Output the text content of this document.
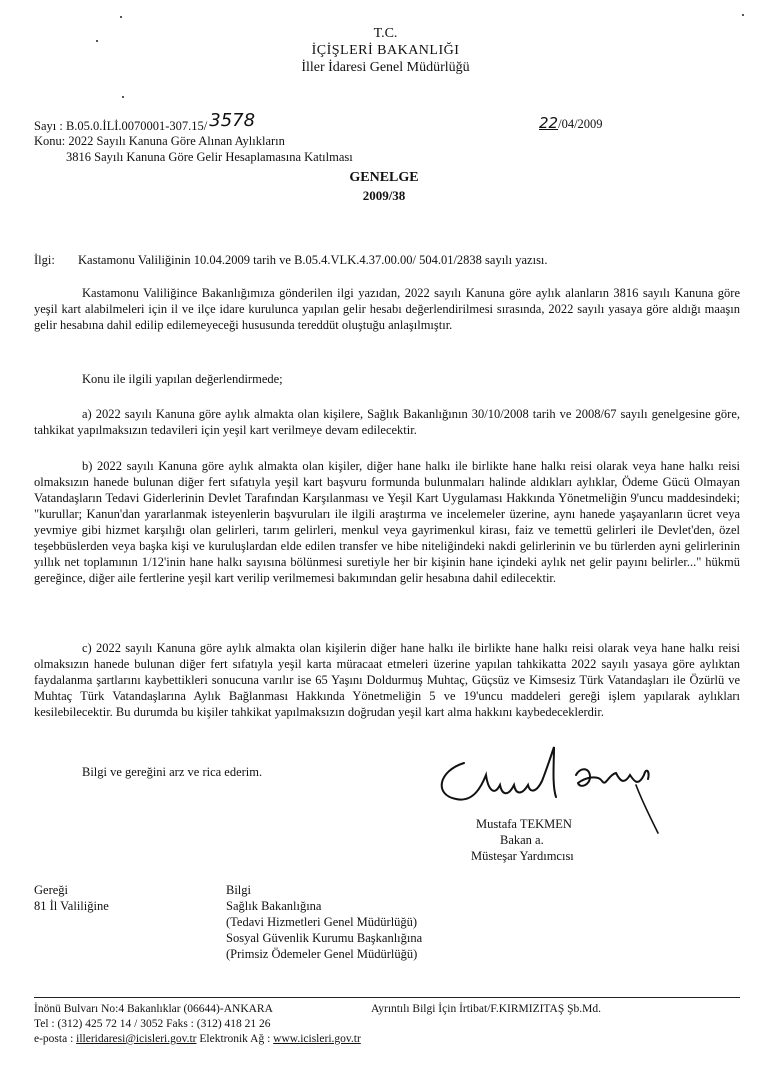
T.C.
İÇİŞLERİ BAKANLIĞI
İller İdaresi Genel Müdürlüğü
Sayı : B.05.0.İLİ.0070001-307.15/ 3578	22/04/2009
Konu: 2022 Sayılı Kanuna Göre Alınan Aylıkların
3816 Sayılı Kanuna Göre Gelir Hesaplamasına Katılması
GENELGE
2009/38
İlgi: Kastamonu Valiliğinin 10.04.2009 tarih ve B.05.4.VLK.4.37.00.00/ 504.01/2838 sayılı yazısı.
Kastamonu Valiliğince Bakanlığımıza gönderilen ilgi yazıdan, 2022 sayılı Kanuna göre aylık alanların 3816 sayılı Kanuna göre yeşil kart alabilmeleri için il ve ilçe idare kurulunca yapılan gelir hesabı değerlendirilmesi sırasında, 2022 sayılı yasaya göre aldığı maaşın gelir hesabına dahil edilip edilemeyeceği hususunda tereddüt oluştuğu anlaşılmıştır.
Konu ile ilgili yapılan değerlendirmede;
a) 2022 sayılı Kanuna göre aylık almakta olan kişilere, Sağlık Bakanlığının 30/10/2008 tarih ve 2008/67 sayılı genelgesine göre, tahkikat yapılmaksızın tedavileri için yeşil kart verilmeye devam edilecektir.
b) 2022 sayılı Kanuna göre aylık almakta olan kişiler, diğer hane halkı ile birlikte hane halkı reisi olarak veya hane halkı reisi olmaksızın hanede bulunan diğer fert sıfatıyla yeşil kart başvuru formunda bulunmaları halinde aldıkları aylıklar, Ödeme Gücü Olmayan Vatandaşların Tedavi Giderlerinin Devlet Tarafından Karşılanması ve Yeşil Kart Uygulaması Hakkında Yönetmeliğin 9'uncu maddesindeki; "kurullar; Kanun'dan yararlanmak isteyenlerin başvuruları ile ilgili araştırma ve incelemeler üzerine, aynı hanede yaşayanların ücret veya yevmiye gibi hizmet karşılığı olan gelirleri, tarım gelirleri, menkul veya gayrimenkul kirası, faiz ve temettü gelirleri ile Devlet'den, özel teşebbüslerden veya başka kişi ve kuruluşlardan elde edilen transfer ve hibe niteliğindeki nakdi gelirlerinin ve bu türlerden ayni gelirlerinin yıllık net toplamının 1/12'inin hane halkı sayısına bölünmesi suretiyle her bir kişinin hane içindeki aylık net gelir payını belirler..." hükmü gereğince, diğer aile fertlerine yeşil kart verilip verilmemesi bakımından gelir hesabına dahil edilecektir.
c) 2022 sayılı Kanuna göre aylık almakta olan kişilerin diğer hane halkı ile birlikte hane halkı reisi olarak veya hane halkı reisi olmaksızın hanede bulunan diğer fert sıfatıyla yeşil karta müracaat etmeleri üzerine yapılan tahkikatta 2022 sayılı yasaya göre aylıktan faydalanma şartlarını kaybettikleri sonucuna varılır ise 65 Yaşını Doldurmuş Muhtaç, Güçsüz ve Kimsesiz Türk Vatandaşları ile Özürlü ve Muhtaç Türk Vatandaşlarına Aylık Bağlanması Hakkında Yönetmeliğin 5 ve 19'uncu maddeleri gereği işlem yapılarak aylıkları kesilebilecektir. Bu durumda bu kişiler tahkikat yapılmaksızın doğrudan yeşil kart alma hakkını kaybedeceklerdir.
Bilgi ve gereğini arz ve rica ederim.
Mustafa TEKMEN
Bakan a.
Müsteşar Yardımcısı
Gereği
81 İl Valiliğine
Bilgi
Sağlık Bakanlığına
(Tedavi Hizmetleri Genel Müdürlüğü)
Sosyal Güvenlik Kurumu Başkanlığına
(Primsiz Ödemeler Genel Müdürlüğü)
İnönü Bulvarı No:4 Bakanlıklar (06644)-ANKARA	Ayrıntılı Bilgi İçin İrtibat/F.KIRMIZITAŞ Şb.Md.
Tel : (312) 425 72 14 / 3052 Faks : (312) 418 21 26
e-posta : illeridaresi@icisleri.gov.tr Elektronik Ağ : www.icisleri.gov.tr
